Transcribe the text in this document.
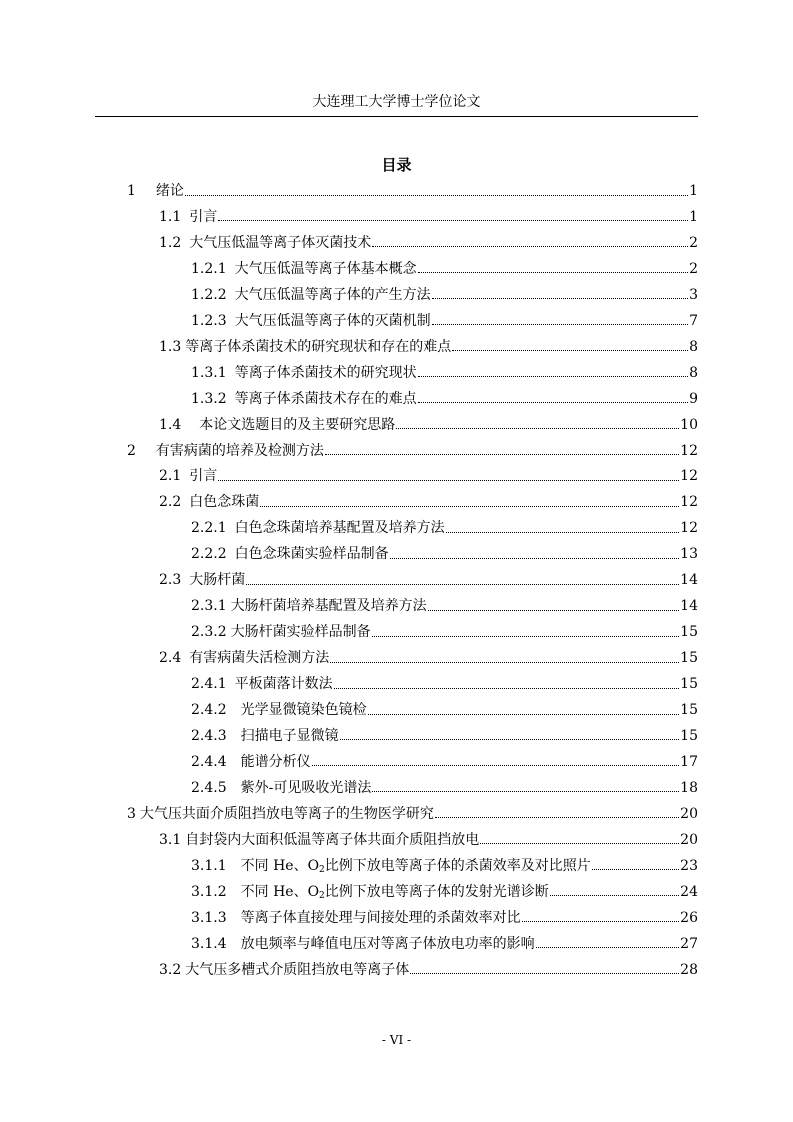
大连理工大学博士学位论文
目录
1 绪论	1
1.1 引言	1
1.2 大气压低温等离子体灭菌技术	2
1.2.1 大气压低温等离子体基本概念	2
1.2.2 大气压低温等离子体的产生方法	3
1.2.3 大气压低温等离子体的灭菌机制	7
1.3 等离子体杀菌技术的研究现状和存在的难点	8
1.3.1 等离子体杀菌技术的研究现状	8
1.3.2 等离子体杀菌技术存在的难点	9
1.4 本论文选题目的及主要研究思路	10
2 有害病菌的培养及检测方法	12
2.1 引言	12
2.2 白色念珠菌	12
2.2.1 白色念珠菌培养基配置及培养方法	12
2.2.2 白色念珠菌实验样品制备	13
2.3 大肠杆菌	14
2.3.1 大肠杆菌培养基配置及培养方法	14
2.3.2 大肠杆菌实验样品制备	15
2.4 有害病菌失活检测方法	15
2.4.1 平板菌落计数法	15
2.4.2 光学显微镜染色镜检	15
2.4.3 扫描电子显微镜	15
2.4.4 能谱分析仪	17
2.4.5 紫外-可见吸收光谱法	18
3 大气压共面介质阻挡放电等离子的生物医学研究	20
3.1 自封袋内大面积低温等离子体共面介质阻挡放电	20
3.1.1 不同 He、$O_2$比例下放电等离子体的杀菌效率及对比照片	23
3.1.2 不同 He、$O_2$比例下放电等离子体的发射光谱诊断	24
3.1.3 等离子体直接处理与间接处理的杀菌效率对比	26
3.1.4 放电频率与峰值电压对等离子体放电功率的影响	27
3.2 大气压多槽式介质阻挡放电等离子体	28
- VI -
